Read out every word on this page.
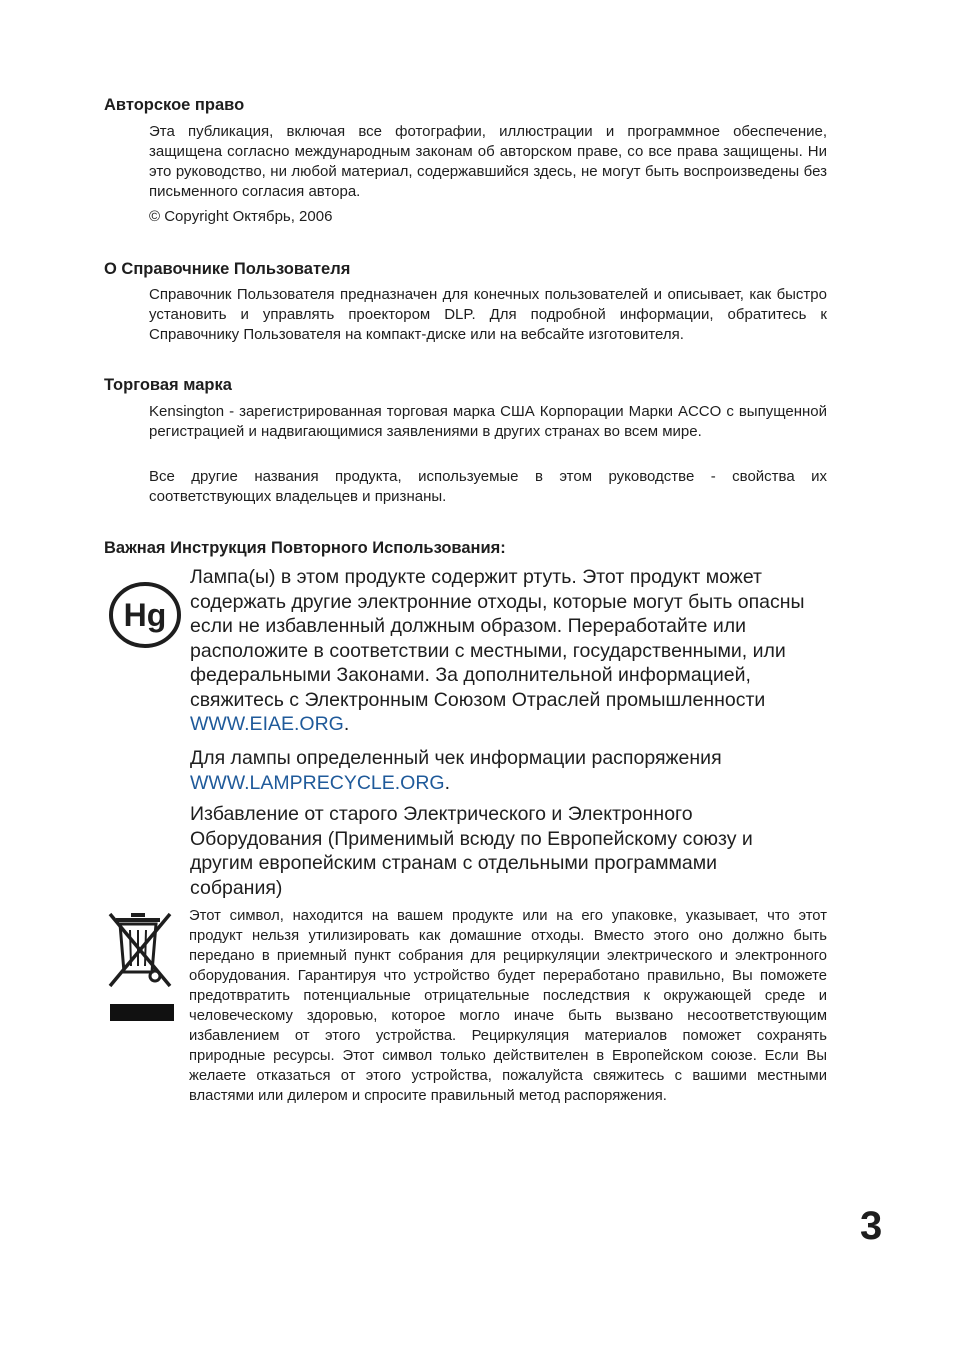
Авторское право

Эта публикация, включая все фотографии, иллюстрации и программное обеспечение, защищена согласно международным законам об авторском праве, со все права защищены. Ни это руководство, ни любой материал, содержавшийся здесь, не могут быть воспроизведены без письменного согласия автора.

© Copyright Октябрь, 2006

О Справочнике Пользователя

Справочник Пользователя предназначен для конечных пользователей и описывает, как быстро установить и управлять проектором DLP. Для подробной информации, обратитесь к Справочнику Пользователя на компакт-диске или на вебсайте изготовителя.

Торговая марка

Kensington - зарегистрированная торговая марка США Корпорации Марки ACCO с выпущенной регистрацией и надвигающимися заявлениями в других странах во всем мире.

Все другие названия продукта, используемые в этом руководстве - свойства их соответствующих владельцев и признаны.

Важная Инструкция Повторного Использования:
Hg

Лампа(ы) в этом продукте содержит ртуть. Этот продукт может содержать другие электронние отходы, которые могут быть опасны если не избавленный должным образом. Переработайте или расположите в соответствии с местными, государственными, или федеральными Законами. За дополнительной информацией, свяжитесь с Электронным Союзом Отраслей промышленности WWW.EIAE.ORG.

Для лампы определенный чек информации распоряжения WWW.LAMPRECYCLE.ORG.

Избавление от старого Электрического и Электронного Оборудования (Применимый всюду по Европейскому союзу и другим европейским странам с отдельными программами собрания)

Этот символ, находится на вашем продукте или на его упаковке, указывает, что этот продукт нельзя утилизировать как домашние отходы. Вместо этого оно должно быть передано в приемный пункт собрания для рециркуляции электрического и электронного оборудования. Гарантируя что устройство будет переработано правильно, Вы поможете предотвратить потенциальные отрицательные последствия к окружающей среде и человеческому здоровью, которое могло иначе быть вызвано несоответствующим избавлением от этого устройства. Рециркуляция материалов поможет сохранять природные ресурсы. Этот символ только действителен в Европейском союзе. Если Вы желаете отказаться от этого устройства, пожалуйста свяжитесь с вашими местными властями или дилером и спросите правильный метод распоряжения.

3
